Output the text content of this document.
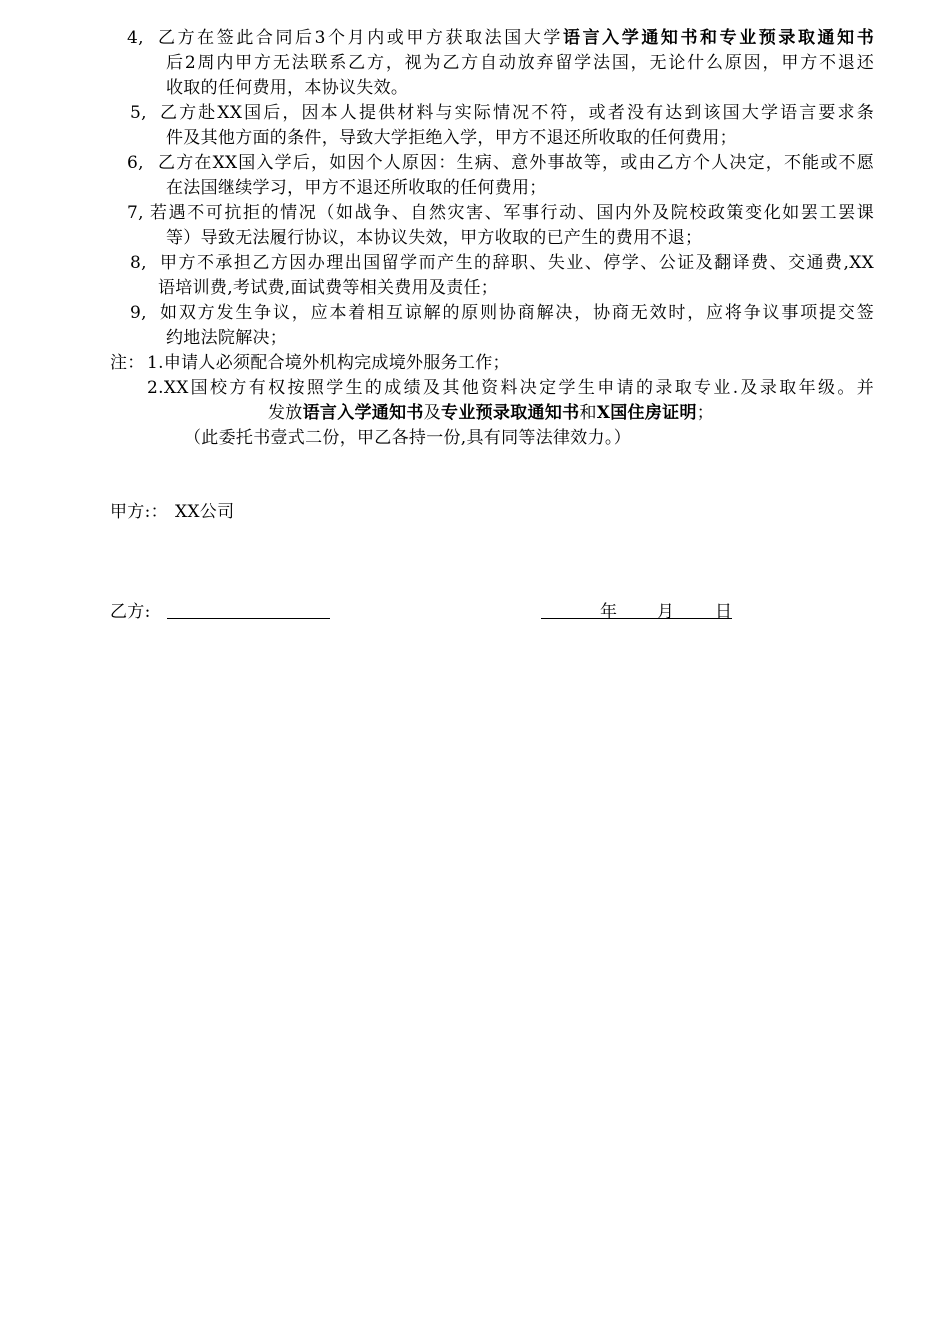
4, 乙方在签此合同后3个月内或甲方获取法国大学语言入学通知书和专业预录取通知书
后2周内甲方无法联系乙方，视为乙方自动放弃留学法国，无论什么原因，甲方不退还
收取的任何费用，本协议失效。
5, 乙方赴XX国后，因本人提供材料与实际情况不符，或者没有达到该国大学语言要求条
件及其他方面的条件，导致大学拒绝入学，甲方不退还所收取的任何费用；
6, 乙方在XX国入学后，如因个人原因：生病、意外事故等，或由乙方个人决定，不能或不愿
在法国继续学习，甲方不退还所收取的任何费用；
7, 若遇不可抗拒的情况（如战争、自然灾害、军事行动、国内外及院校政策变化如罢工罢课
等）导致无法履行协议，本协议失效，甲方收取的已产生的费用不退；
8, 甲方不承担乙方因办理出国留学而产生的辞职、失业、停学、公证及翻译费、交通费,XX
语培训费,考试费,面试费等相关费用及责任；
9, 如双方发生争议，应本着相互谅解的原则协商解决，协商无效时，应将争议事项提交签
约地法院解决；
注： 1.申请人必须配合境外机构完成境外服务工作；
2.XX国校方有权按照学生的成绩及其他资料决定学生申请的录取专业.及录取年级。并
发放语言入学通知书及专业预录取通知书和X国住房证明；
（此委托书壹式二份，甲乙各持一份,具有同等法律效力。）
甲方:： XX公司
乙方:	年 月 日
